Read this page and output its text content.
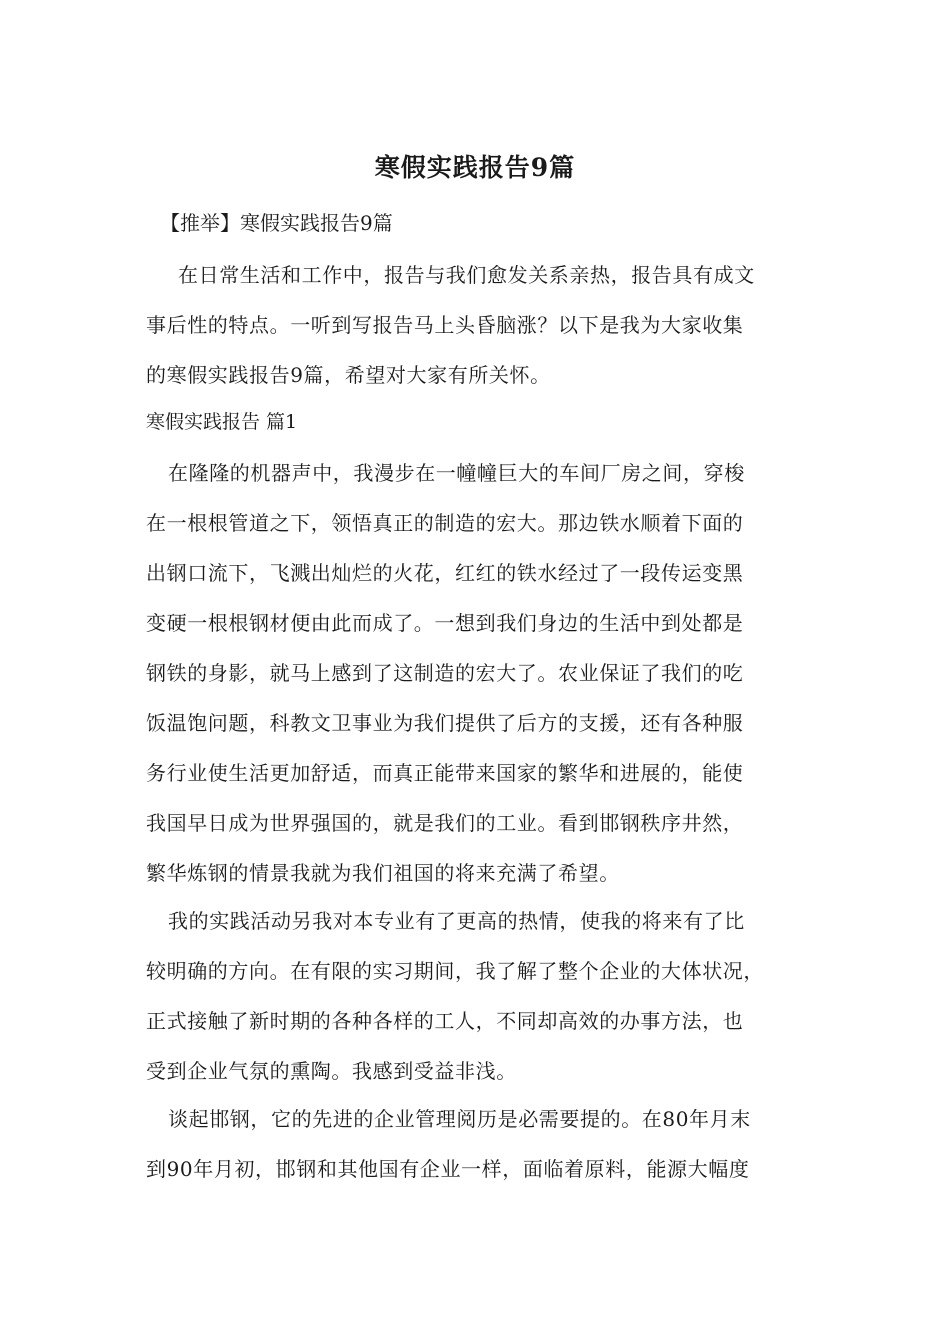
寒假实践报告9篇
【推举】寒假实践报告9篇
在日常生活和工作中，报告与我们愈发关系亲热，报告具有成文
事后性的特点。一听到写报告马上头昏脑涨？以下是我为大家收集
的寒假实践报告9篇，希望对大家有所关怀。
寒假实践报告 篇1
在隆隆的机器声中，我漫步在一幢幢巨大的车间厂房之间，穿梭
在一根根管道之下，领悟真正的制造的宏大。那边铁水顺着下面的
出钢口流下，飞溅出灿烂的火花，红红的铁水经过了一段传运变黑
变硬一根根钢材便由此而成了。一想到我们身边的生活中到处都是
钢铁的身影，就马上感到了这制造的宏大了。农业保证了我们的吃
饭温饱问题，科教文卫事业为我们提供了后方的支援，还有各种服
务行业使生活更加舒适，而真正能带来国家的繁华和进展的，能使
我国早日成为世界强国的，就是我们的工业。看到邯钢秩序井然，
繁华炼钢的情景我就为我们祖国的将来充满了希望。
我的实践活动另我对本专业有了更高的热情，使我的将来有了比
较明确的方向。在有限的实习期间，我了解了整个企业的大体状况，
正式接触了新时期的各种各样的工人，不同却高效的办事方法，也
受到企业气氛的熏陶。我感到受益非浅。
谈起邯钢，它的先进的企业管理阅历是必需要提的。在80年月末
到90年月初，邯钢和其他国有企业一样，面临着原料，能源大幅度
